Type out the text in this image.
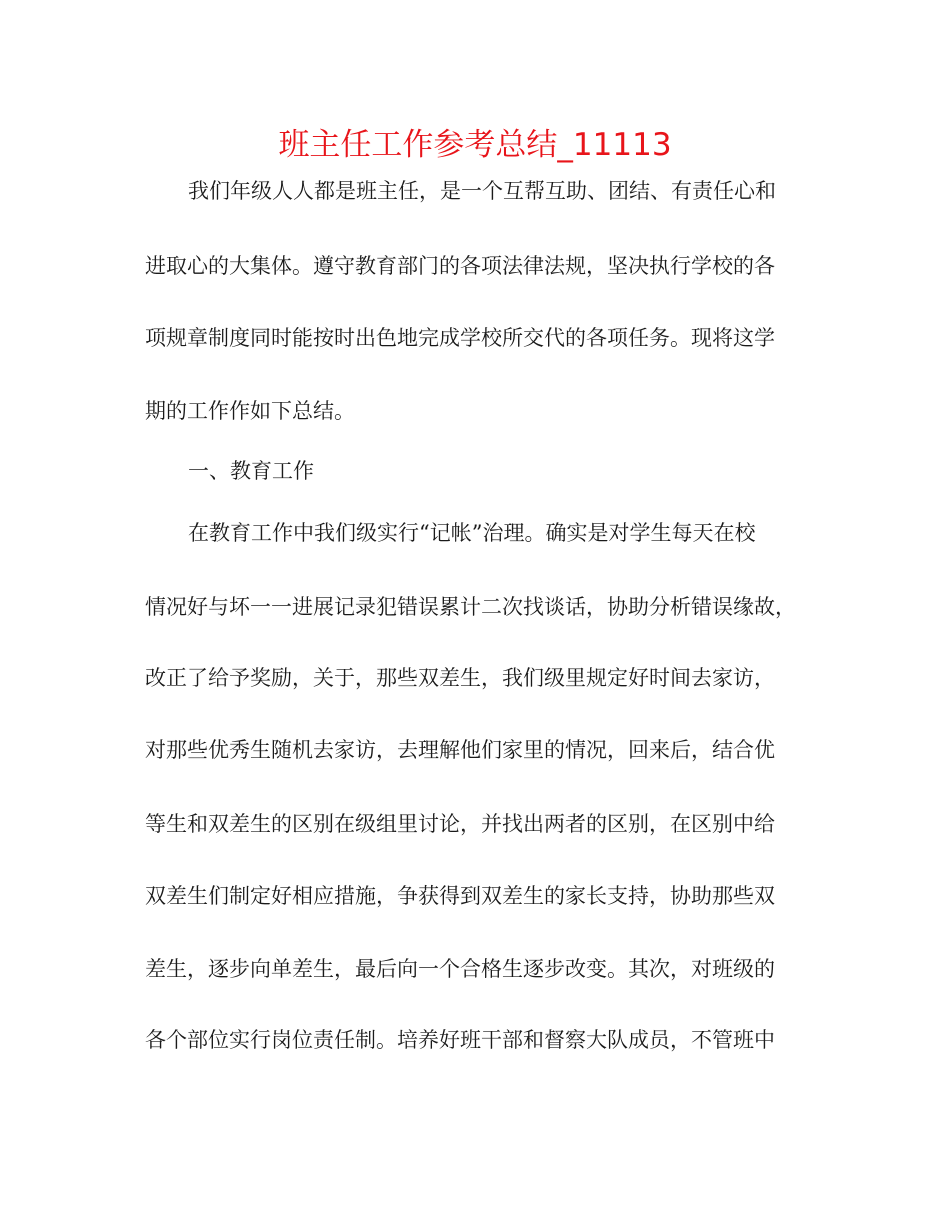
班主任工作参考总结_11113
我们年级人人都是班主任，是一个互帮互助、团结、有责任心和
进取心的大集体。遵守教育部门的各项法律法规，坚决执行学校的各
项规章制度同时能按时出色地完成学校所交代的各项任务。现将这学
期的工作作如下总结。
一、教育工作
在教育工作中我们级实行“记帐”治理。确实是对学生每天在校
情况好与坏一一进展记录犯错误累计二次找谈话，协助分析错误缘故，
改正了给予奖励，关于，那些双差生，我们级里规定好时间去家访，
对那些优秀生随机去家访，去理解他们家里的情况，回来后，结合优
等生和双差生的区别在级组里讨论，并找出两者的区别，在区别中给
双差生们制定好相应措施，争获得到双差生的家长支持，协助那些双
差生，逐步向单差生，最后向一个合格生逐步改变。其次，对班级的
各个部位实行岗位责任制。培养好班干部和督察大队成员，不管班中
